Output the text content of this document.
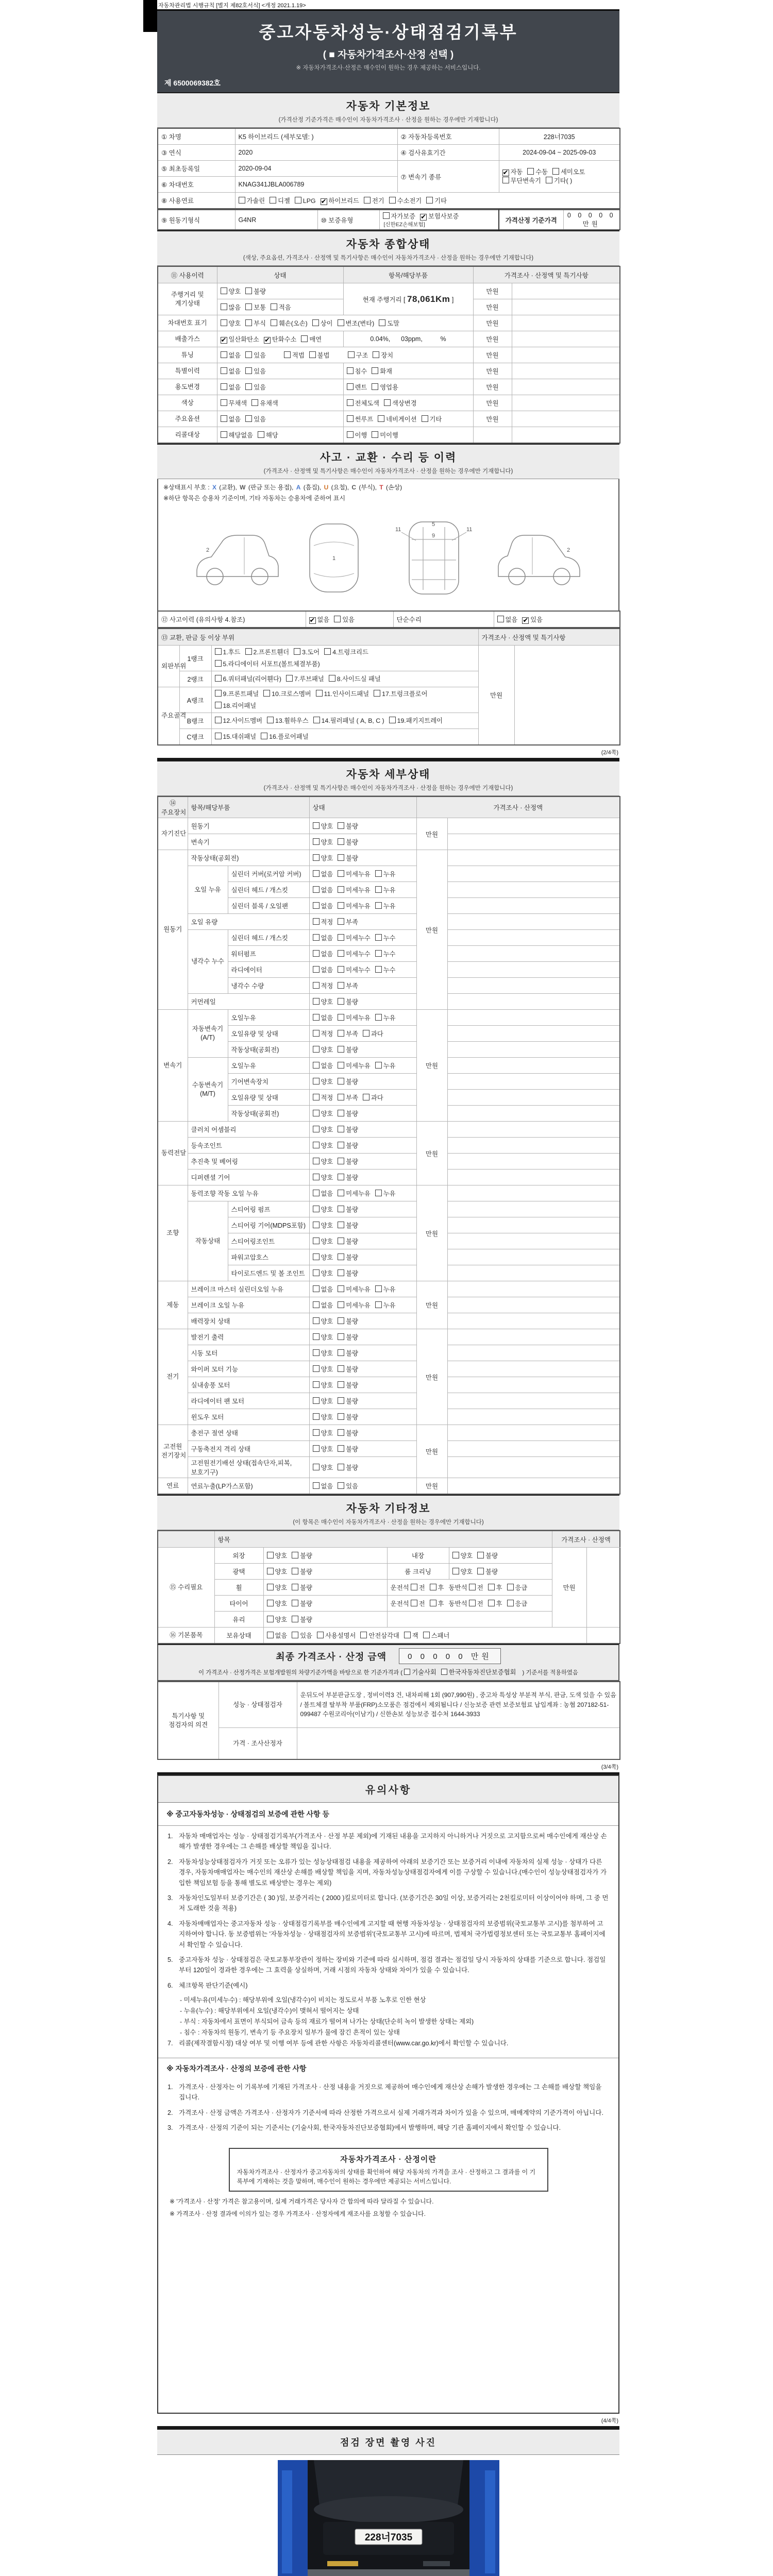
자동차관리법 시행규칙 [별지 제82호서식] <개정 2021.1.19>
중고자동차성능·상태점검기록부
( ■ 자동차가격조사·산정 선택 )
※ 자동차가격조사·산정은 매수인이 원하는 경우 제공하는 서비스입니다.
제 6500069382호
자동차 기본정보
(가격산정 기준가격은 매수인이 자동차가격조사 · 산정을 원하는 경우에만 기재합니다)
① 차명	K5 하이브리드 (세부모델: )	② 자동차등록번호	228너7035
③ 연식	2020	④ 검사유효기간	2024-09-04 ~ 2025-09-03
⑤ 최초등록일	2020-09-04	⑦ 변속기 종류	✔ 자동 수동 세미오토
무단변속기 기타( )

⑥ 차대번호	KNAG341JBLA006789		
⑧ 사용연료	가솔린 디젤 LPG ✔ 하이브리드 전기 수소전기 기타		
⑨ 원동기형식	G4NR	⑩ 보증유형	자가보증 ✔ 보험사보증[신한EZ손해보험]	가격산정 기준가격	0 0 0 0 0 만원
자동차 종합상태
(색상, 주요옵션, 가격조사 · 산정액 및 특기사항은 매수인이 자동차가격조사 · 산정을 원하는 경우에만 기재합니다)
⑪ 사용이력	상태	항목/해당부품	가격조사 · 산정액 및 특기사항	
주행거리 및 계기상태	양호 불량	현재 주행거리 [ 78,061Km ]	만원	
	많음 보통 적음		만원	
차대번호 표기	양호 부식 훼손(오손) 상이 변조(변타) 도말		만원	
배출가스	✔ 일산화탄소 ✔ 탄화수소 매연	0.04%,      03ppm,          %	만원	
튜닝	없음 있음 적법 불법 구조 장치		만원	
특별이력	없음 있음	침수 화재	만원	
용도변경	없음 있음	렌트 영업용	만원	
색상	무채색 유채색	전체도색 색상변경	만원	
주요옵션	없음 있음	썬루프 네비게이션 기타	만원	
리콜대상	해당없음 해당	이행 미이행		
사고 · 교환 · 수리 등 이력
(가격조사 · 산정액 및 특기사항은 매수인이 자동차가격조사 · 산정을 원하는 경우에만 기재합니다)
※상태표시 부호 : X (교환), W (판금 또는 용접), A (흠집), U (요철), C (부식), T (손상)
※하단 항목은 승용차 기준이며, 기타 자동차는 승용차에 준하여 표시
2
1
11	11
5
9
2
⑫ 사고이력 (유의사항 4.참조)	✔ 없음 있음	단순수리	없음 ✔ 있음
⑬ 교환, 판금 등 이상 부위			가격조사 · 산정액 및 특기사항	
외판부위	1랭크	1.후드 2.프론트휀더 3.도어 4.트렁크리드5.라디에이터 서포트(볼트체결부품)	만원	
	2랭크	6.쿼터패널(리어휀다) 7.루브패널 8.사이드실 패널		
주요골격	A랭크	9.프론트패널 10.크로스멤버 11.인사이드패널 17.트렁크플로어18.리어패널		
	B랭크	12.사이드멤버 13.휠하우스 14.필러패널 ( A, B, C ) 19.패키지트레이		
	C랭크	15.대쉬패널 16.플로어패널		
(2/4쪽)
자동차 세부상태
(가격조사 · 산정액 및 특기사항은 매수인이 자동차가격조사 · 산정을 원하는 경우에만 기재합니다)
⑭ 주요장치	항목/해당부품		상태	가격조사 · 산정액	
자기진단	원동기		양호 불량	만원	
	변속기		양호 불량		
원동기	작동상태(공회전)		양호 불량	만원	
	오일 누유	실린더 커버(로커암 커버)	없음 미세누유 누유		
		실린더 헤드 / 개스킷	없음 미세누유 누유		
		실린더 블록 / 오일팬	없음 미세누유 누유		
	오일 유량		적정 부족		
	냉각수 누수	실린더 헤드 / 개스킷	없음 미세누수 누수		
		워터펌프	없음 미세누수 누수		
		라디에이터	없음 미세누수 누수		
		냉각수 수량	적정 부족		
	커먼레일		양호 불량		
변속기	자동변속기 (A/T)	오일누유	없음 미세누유 누유	만원	
		오일유량 및 상태	적정 부족 과다		
		작동상태(공회전)	양호 불량		
	수동변속기 (M/T)	오일누유	없음 미세누유 누유		
		기어변속장치	양호 불량		
		오일유량 및 상태	적정 부족 과다		
		작동상태(공회전)	양호 불량		
동력전달	클러치 어셈블리		양호 불량	만원	
	등속조인트		양호 불량		
	추진축 및 베어링		양호 불량		
	디퍼렌셜 기어		양호 불량		
조향	동력조향 작동 오일 누유		없음 미세누유 누유	만원	
	작동상태	스티어링 펌프	양호 불량		
		스티어링 기어(MDPS포함)	양호 불량		
		스티어링조인트	양호 불량		
		파워고압호스	양호 불량		
		타이로드엔드 및 볼 조인트	양호 불량		
제동	브레이크 마스터 실린더오일 누유		없음 미세누유 누유	만원	
	브레이크 오일 누유		없음 미세누유 누유		
	배력장치 상태		양호 불량		
전기	발전기 출력		양호 불량	만원	
	시동 모터		양호 불량		
	와이퍼 모터 기능		양호 불량		
	실내송풍 모터		양호 불량		
	라디에이터 팬 모터		양호 불량		
	윈도우 모터		양호 불량		
고전원 전기장치	충전구 절연 상태		양호 불량	만원	
	구동축전지 격리 상태		양호 불량		
	고전원전기배선 상태(접속단자,피복,보호기구)		양호 불량		
연료	연료누출(LP가스포함)		없음 있음	만원	
자동차 기타정보
(이 항목은 매수인이 자동차가격조사 · 산정을 원하는 경우에만 기재합니다)
	항목				가격조사 · 산정액	
⑮ 수리필요	외장	양호 불량	내장	양호 불량	만원	
	광택	양호 불량	룸 크리닝	양호 불량		
	휠	양호 불량	운전석 전 후 동반석 전 후 응급			
	타이어	양호 불량	운전석 전 후 동반석 전 후 응급			
	유리	양호 불량				
⑯ 기본품목	보유상태	없음 있음 사용설명서 안전삼각대 잭 스패너				
최종 가격조사 · 산정 금액	0 0 0 0 0 만원
이 가격조사 · 산정가격은 보험개발원의 차량기준가액을 바탕으로 한 기준가격과 ( 기술사회 한국자동차진단보증협회 ) 기준서를 적용하였음
특기사항 및 점검자의 의견	성능 · 상태점검자	운뒤도어 부분판금도장 , 정비이력3 건, 내차피해 1회 (907,990원) , 중고차 특성상 부분적 부식, 판금, 도색 있을 수 있음 / 볼트체결 탈부착 부품(FRP)소모품은 점검에서 제외됩니다 / 신능보증 관련 보증보험료 납입계좌 : 농협 207182-51-099487 수원코리아(이남기) / 신한손보 성능보증 접수처 1644-3933
	가격 · 조사산정자	
(3/4쪽)
유의사항
※ 중고자동차성능 · 상태점검의 보증에 관한 사항 등
1. 자동차 매매업자는 성능 · 상태점검기록부(가격조사 · 산정 부분 제외)에 기재된 내용을 고지하지 아니하거나 거짓으로 고지함으로써 매수인에게 재산상 손해가 발생한 경우에는 그 손해를 배상할 책임을 집니다.
2. 자동차성능상태점검자가 거짓 또는 오류가 있는 성능상태점검 내용을 제공하여 아래의 보증기간 또는 보증거리 이내에 자동차의 실제 성능 · 상태가 다른 경우, 자동차매매업자는 매수인의 재산상 손해를 배상할 책임을 지며, 자동차성능상태점검자에게 이를 구상할 수 있습니다.(매수인이 성능상태점검자가 가입한 책임보험 등을 통해 별도로 배상받는 경우는 제외)
3. 자동차인도일부터 보증기간은 ( 30 )일, 보증거리는 ( 2000 )킬로미터로 합니다. (보증기간은 30일 이상, 보증거리는 2천킬로미터 이상이어야 하며, 그 중 먼저 도래한 것을 적용)
4. 자동차매매업자는 중고자동차 성능 · 상태점검기록부를 매수인에게 고지할 때 현행 자동차성능 · 상태점검자의 보증범위(국토교통부 고시)를 첨부하여 고지하여야 합니다. 동 보증범위는 '자동차성능 · 상태점검자의 보증범위'(국토교통부 고시)에 따르며, 법제처 국가법령정보센터 또는 국토교통부 홈페이지에서 확인할 수 있습니다.
5. 중고자동차 성능 · 상태점검은 국토교통부장관이 정하는 장비와 기준에 따라 실시하며, 점검 결과는 점검일 당시 자동차의 상태를 기준으로 합니다. 점검일부터 120일이 경과한 경우에는 그 효력을 상실하며, 거래 시점의 자동차 상태와 차이가 있을 수 있습니다.
6. 체크항목 판단기준(예시)
- 미세누유(미세누수) : 해당부위에 오일(냉각수)이 비치는 정도로서 부품 노후로 인한 현상
- 누유(누수) : 해당부위에서 오일(냉각수)이 맺혀서 떨어지는 상태
- 부식 : 자동차에서 표면이 부식되어 금속 등의 재료가 떨어져 나가는 상태(단순히 녹이 발생한 상태는 제외)
- 침수 : 자동차의 원동기, 변속기 등 주요장치 일부가 물에 잠긴 흔적이 있는 상태
7. 리콜(제작결함시정) 대상 여부 및 이행 여부 등에 관한 사항은 자동차리콜센터(www.car.go.kr)에서 확인할 수 있습니다.
※ 자동차가격조사 · 산정의 보증에 관한 사항
1. 가격조사 · 산정자는 이 기록부에 기재된 가격조사 · 산정 내용을 거짓으로 제공하여 매수인에게 재산상 손해가 발생한 경우에는 그 손해를 배상할 책임을 집니다.
2. 가격조사 · 산정 금액은 가격조사 · 산정자가 기준서에 따라 산정한 가격으로서 실제 거래가격과 차이가 있을 수 있으며, 매매계약의 기준가격이 아닙니다.
3. 가격조사 · 산정의 기준이 되는 기준서는 (기술사회, 한국자동차진단보증협회)에서 발행하며, 해당 기관 홈페이지에서 확인할 수 있습니다.
자동차가격조사 · 산정이란
자동차가격조사 · 산정자가 중고자동차의 상태를 확인하여 해당 자동차의 가격을 조사 · 산정하고 그 결과를 이 기록부에 기재하는 것을 말하며, 매수인이 원하는 경우에만 제공되는 서비스입니다.
※ '가격조사 · 산정' 가격은 참고용이며, 실제 거래가격은 당사자 간 합의에 따라 달라질 수 있습니다.
※ 가격조사 · 산정 결과에 이의가 있는 경우 가격조사 · 산정자에게 재조사를 요청할 수 있습니다.
(4/4쪽)
점검 장면 촬영 사진
228너7035
